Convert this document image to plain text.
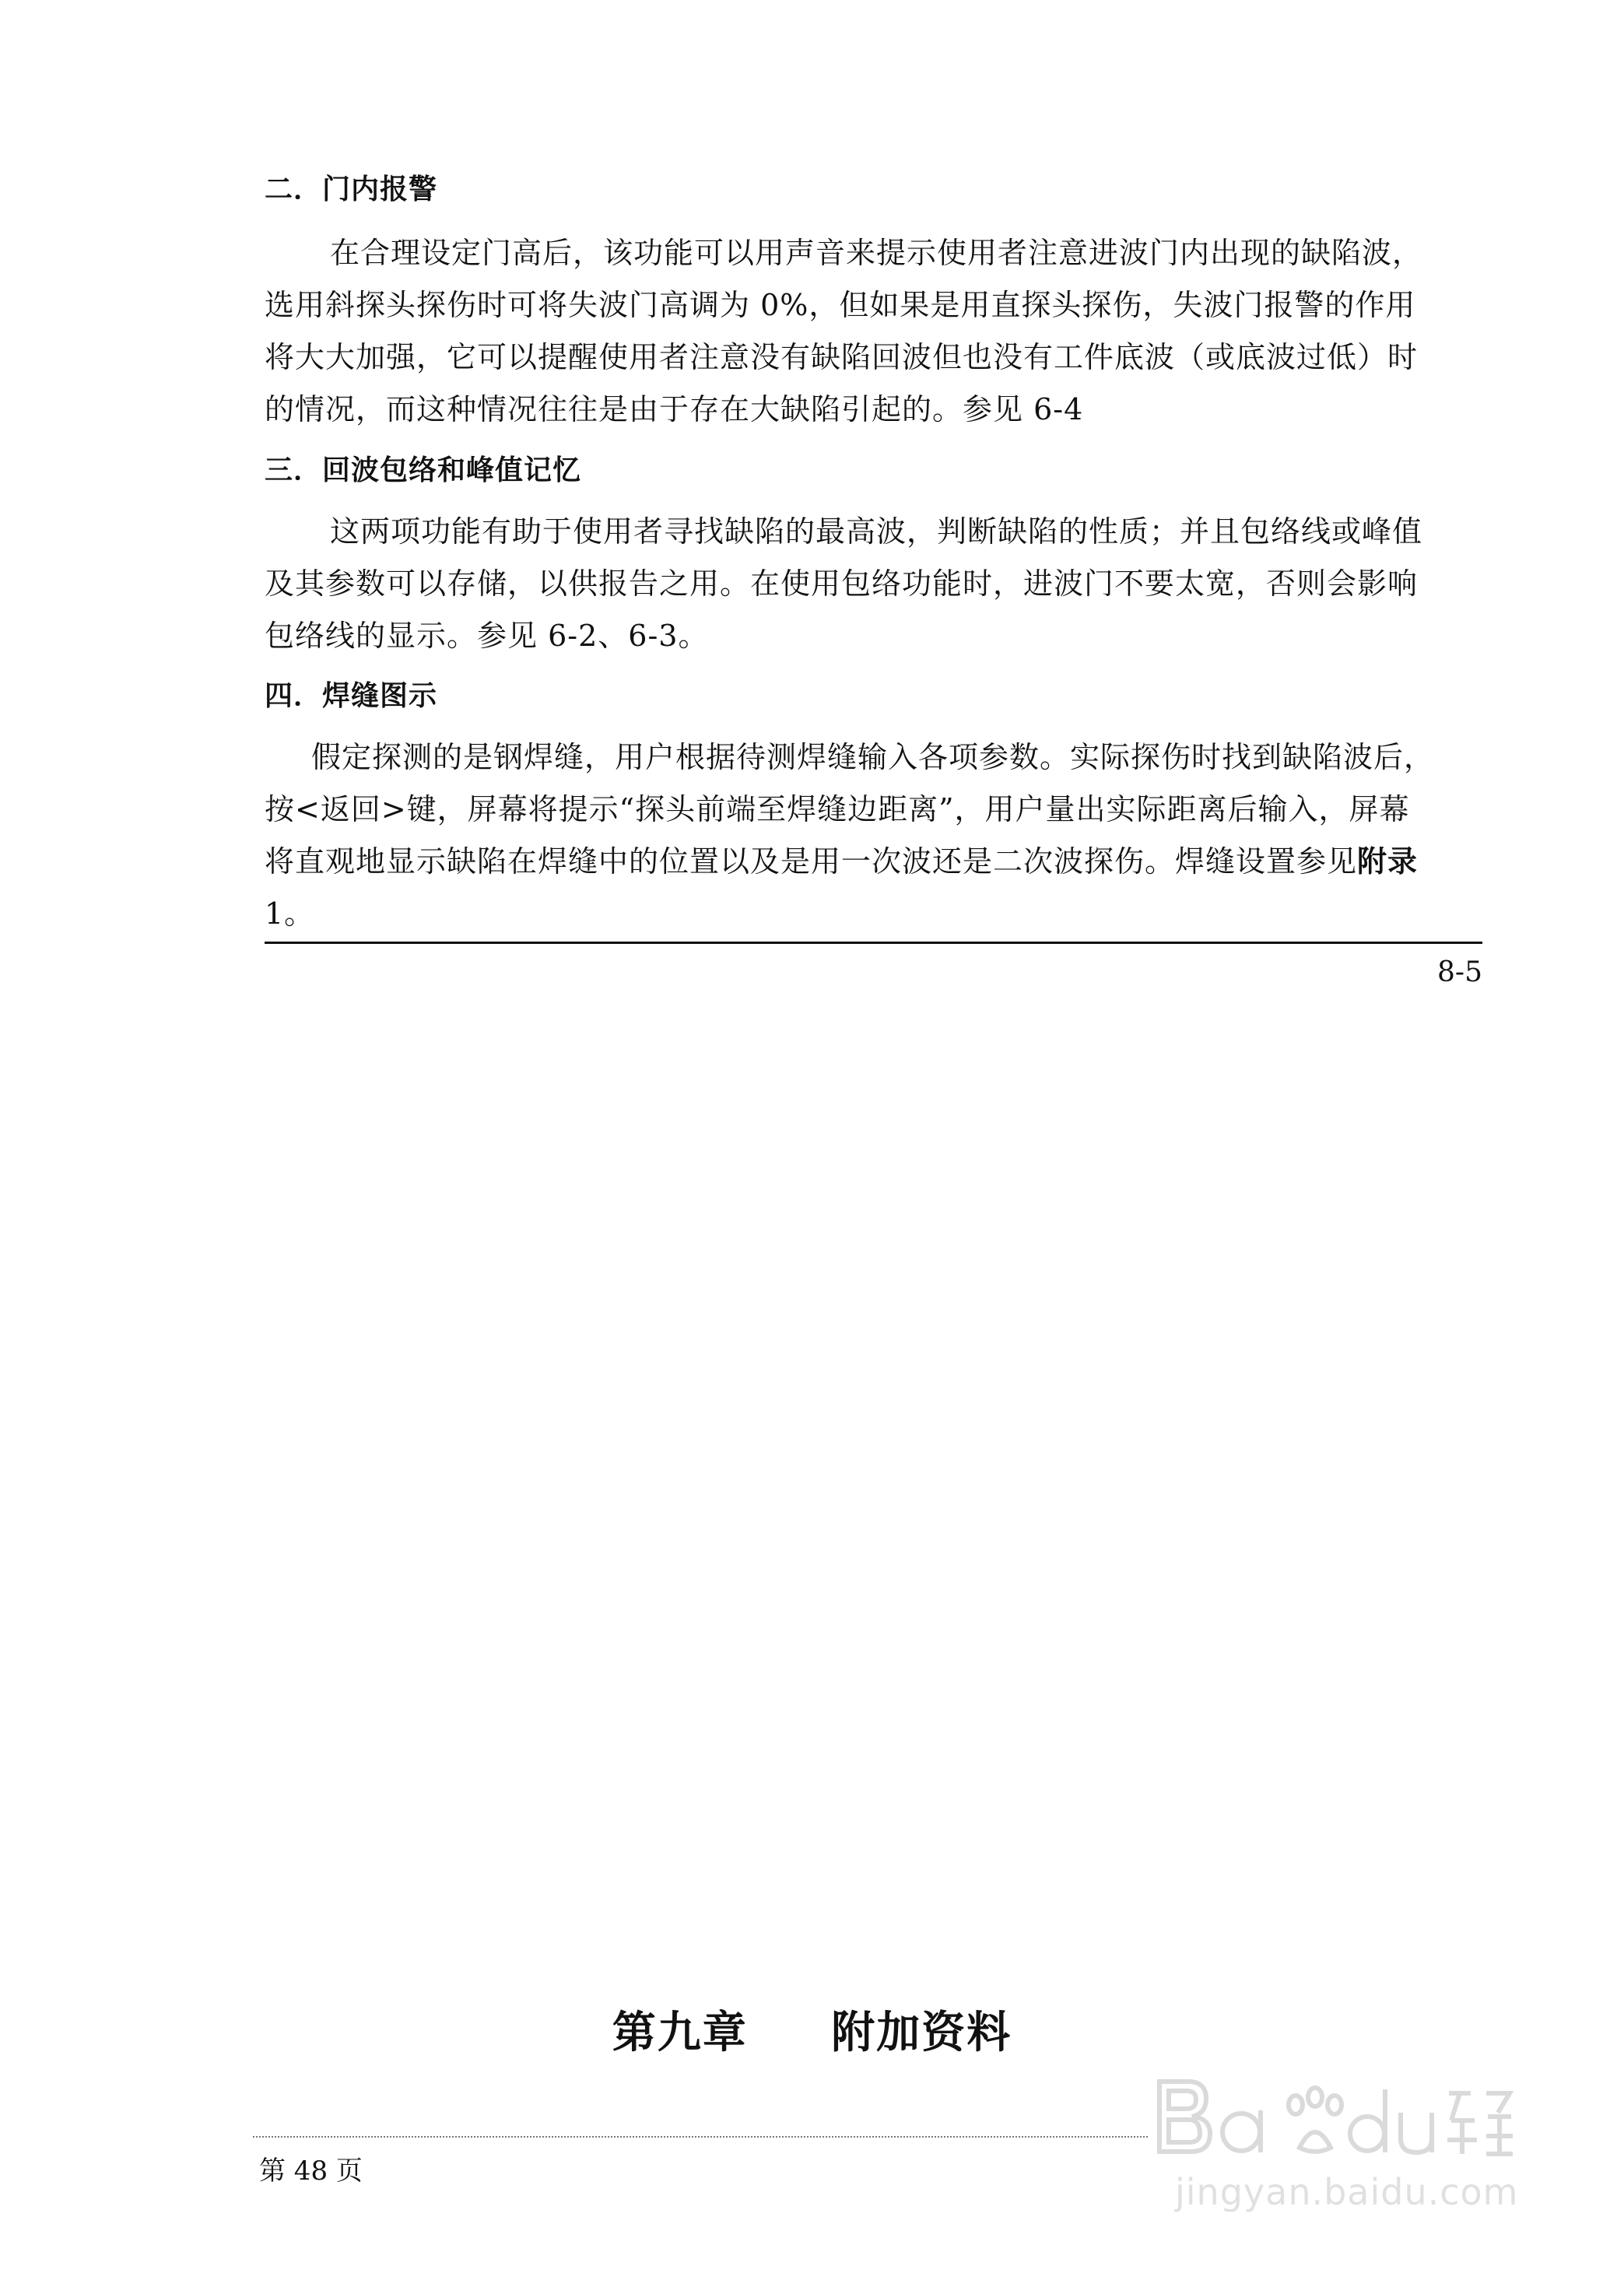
二．门内报警
在合理设定门高后，该功能可以用声音来提示使用者注意进波门内出现的缺陷波，
选用斜探头探伤时可将失波门高调为 0%，但如果是用直探头探伤，失波门报警的作用
将大大加强，它可以提醒使用者注意没有缺陷回波但也没有工件底波（或底波过低）时
的情况，而这种情况往往是由于存在大缺陷引起的。参见 6-4
三．回波包络和峰值记忆
这两项功能有助于使用者寻找缺陷的最高波，判断缺陷的性质；并且包络线或峰值
及其参数可以存储，以供报告之用。在使用包络功能时，进波门不要太宽，否则会影响
包络线的显示。参见 6-2、6-3。
四．焊缝图示
假定探测的是钢焊缝，用户根据待测焊缝输入各项参数。实际探伤时找到缺陷波后，
按<返回>键，屏幕将提示“探头前端至焊缝边距离”，用户量出实际距离后输入，屏幕
将直观地显示缺陷在焊缝中的位置以及是用一次波还是二次波探伤。焊缝设置参见附录
1。
8-5
第九章     附加资料
第 48 页	jingyan.baidu.com
